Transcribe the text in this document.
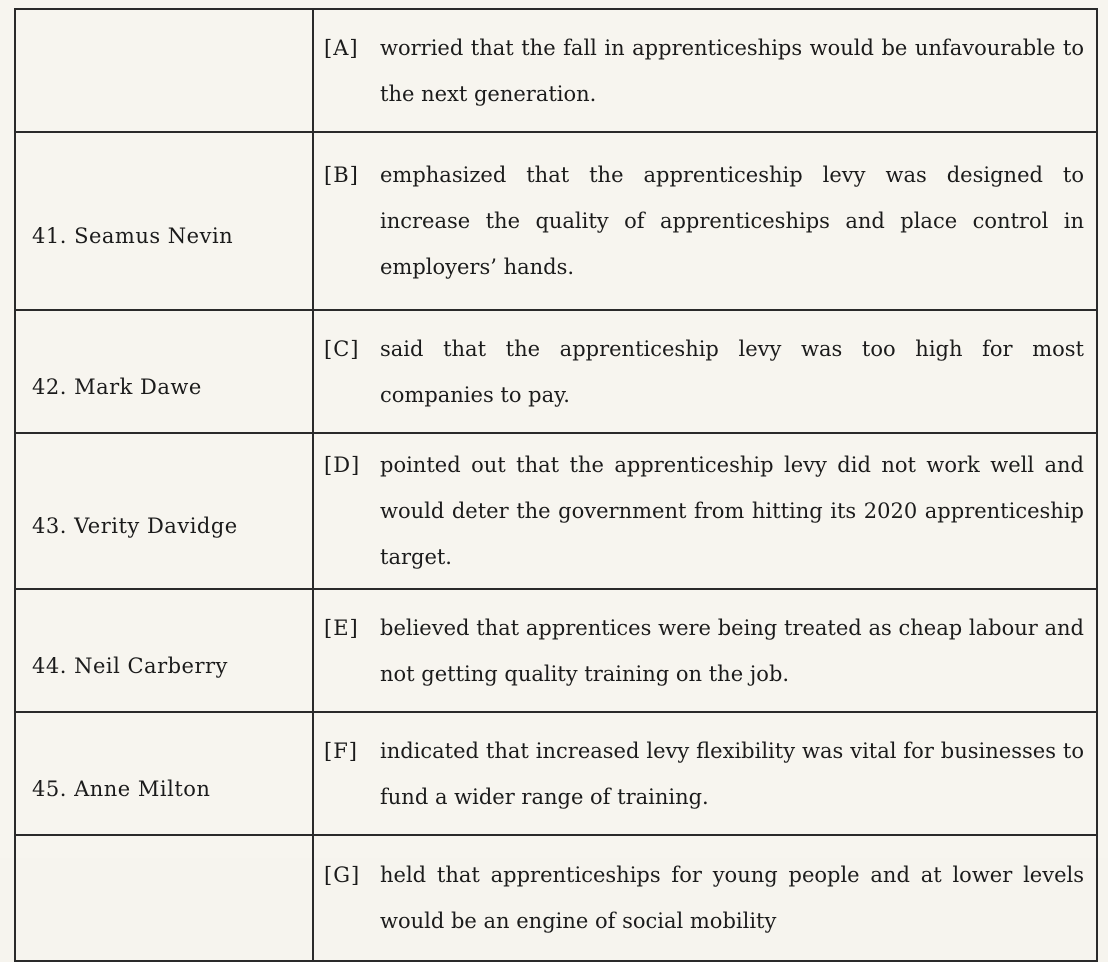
	[A] worried that the fall in apprenticeships would be unfavourable to the next generation.

41. Seamus Nevin	[B] emphasized that the apprenticeship levy was designed to increase the quality of apprenticeships and place control in employers’ hands.

42. Mark Dawe	[C] said that the apprenticeship levy was too high for most companies to pay.

43. Verity Davidge	[D] pointed out that the apprenticeship levy did not work well and would deter the government from hitting its 2020 apprenticeship target.

44. Neil Carberry	[E] believed that apprentices were being treated as cheap labour and not getting quality training on the job.

45. Anne Milton	[F] indicated that increased levy flexibility was vital for businesses to fund a wider range of training.

	[G] held that apprenticeships for young people and at lower levels would be an engine of social mobility
